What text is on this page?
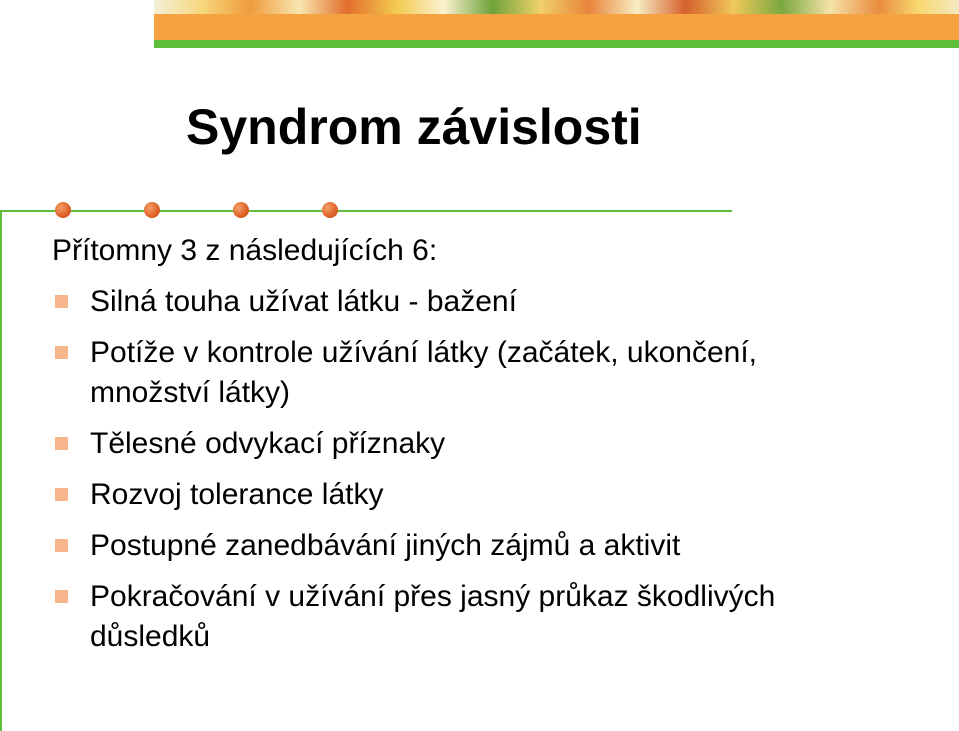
Syndrom závislosti

Přítomny 3 z následujících 6:

Silná touha užívat látku - bažení
Potíže v kontrole užívání látky (začátek, ukončení, množství látky)
Tělesné odvykací příznaky
Rozvoj tolerance látky
Postupné zanedbávání jiných zájmů a aktivit
Pokračování v užívání přes jasný průkaz škodlivých důsledků
